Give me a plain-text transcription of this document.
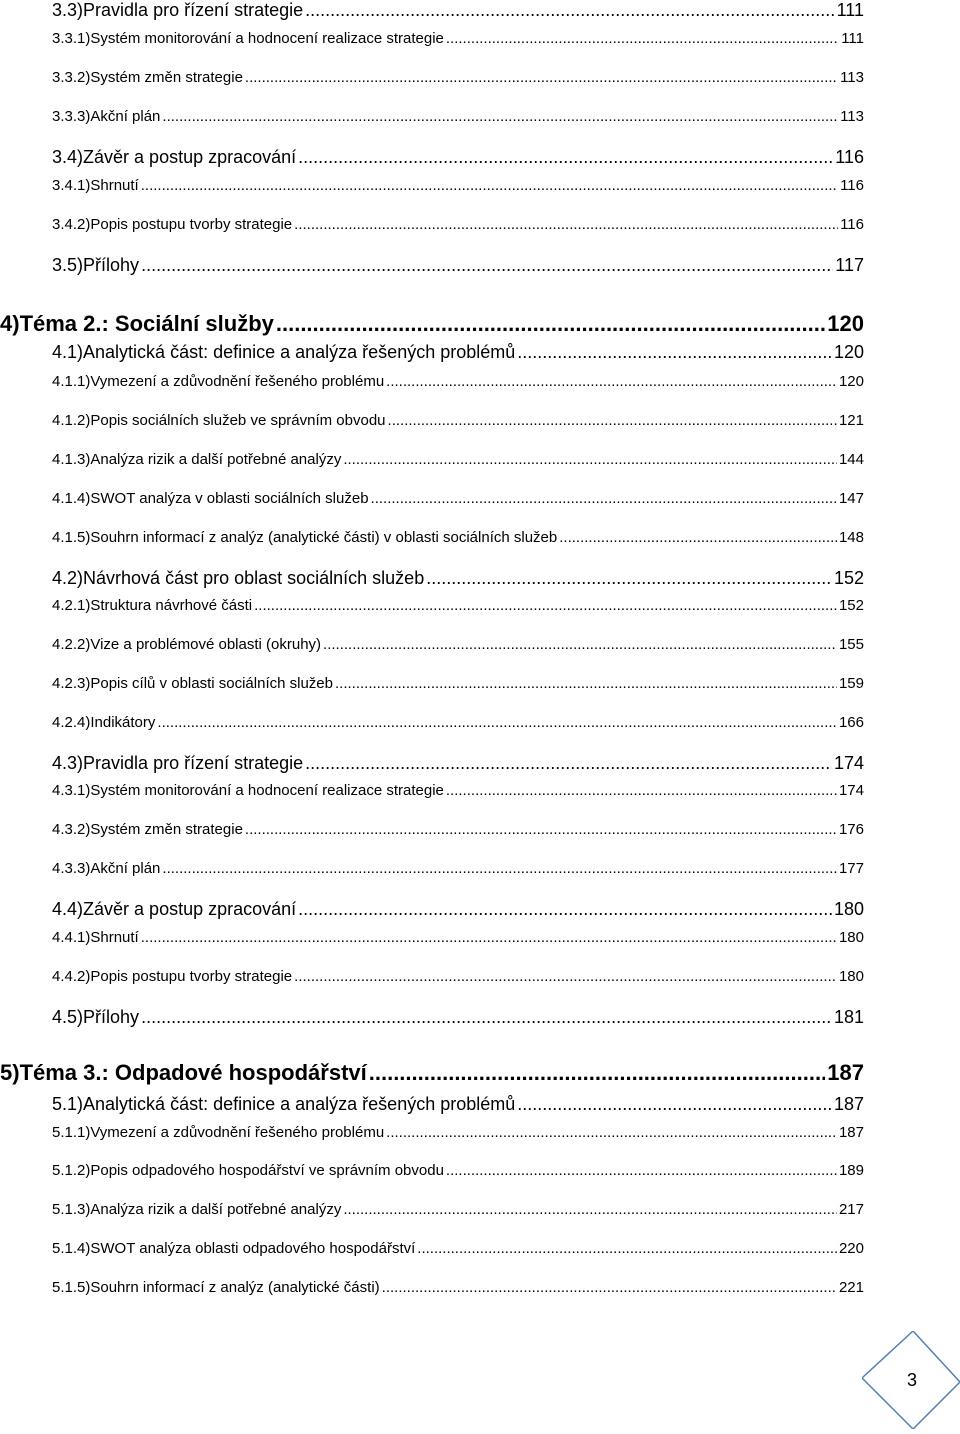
3.3) Pravidla pro řízení strategie .....	111
3.3.1) Systém monitorování a hodnocení realizace strategie .....	111
3.3.2) Systém změn strategie .....	113
3.3.3) Akční plán .....	113
3.4) Závěr a postup zpracování .....	116
3.4.1) Shrnutí .....	116
3.4.2) Popis postupu tvorby strategie .....	116
3.5) Přílohy .....	117
4) Téma 2.: Sociální služby .....	120
4.1) Analytická část: definice a analýza řešených problémů .....	120
4.1.1) Vymezení a zdůvodnění řešeného problému .....	120
4.1.2) Popis sociálních služeb ve správním obvodu .....	121
4.1.3) Analýza rizik a další potřebné analýzy .....	144
4.1.4) SWOT analýza v oblasti sociálních služeb .....	147
4.1.5) Souhrn informací z analýz (analytické části) v oblasti sociálních služeb .....	148
4.2) Návrhová část pro oblast sociálních služeb .....	152
4.2.1) Struktura návrhové části .....	152
4.2.2) Vize a problémové oblasti (okruhy) .....	155
4.2.3) Popis cílů v oblasti sociálních služeb .....	159
4.2.4) Indikátory .....	166
4.3) Pravidla pro řízení strategie .....	174
4.3.1) Systém monitorování a hodnocení realizace strategie .....	174
4.3.2) Systém změn strategie .....	176
4.3.3) Akční plán .....	177
4.4) Závěr a postup zpracování .....	180
4.4.1) Shrnutí .....	180
4.4.2) Popis postupu tvorby strategie .....	180
4.5) Přílohy .....	181
5) Téma 3.: Odpadové hospodářství .....	187
5.1) Analytická část: definice a analýza řešených problémů .....	187
5.1.1) Vymezení a zdůvodnění řešeného problému .....	187
5.1.2) Popis odpadového hospodářství ve správním obvodu .....	189
5.1.3) Analýza rizik a další potřebné analýzy .....	217
5.1.4) SWOT analýza oblasti odpadového hospodářství .....	220
5.1.5) Souhrn informací z analýz (analytické části) .....	221
3
